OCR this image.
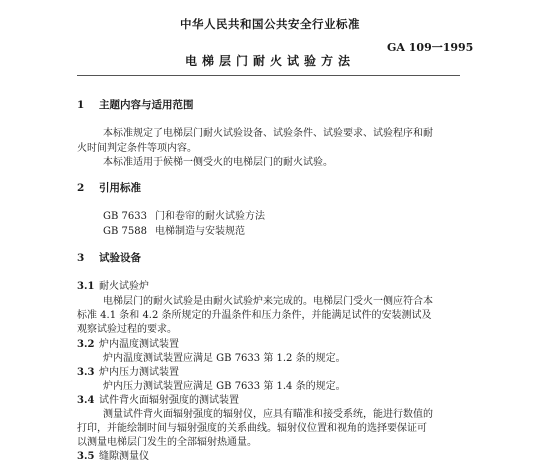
中华人民共和国公共安全行业标准
GA 109一1995
电梯层门耐火试验方法
1 主题内容与适用范围
本标准规定了电梯层门耐火试验设备、试验条件、试验要求、试验程序和耐
火时间判定条件等项内容。
本标准适用于候梯一侧受火的电梯层门的耐火试验。
2 引用标准
GB 7633 门和卷帘的耐火试验方法
GB 7588 电梯制造与安装规范
3 试验设备
3.1 耐火试验炉
电梯层门的耐火试验是由耐火试验炉来完成的。电梯层门受火一侧应符合本
标准 4.1 条和 4.2 条所规定的升温条件和压力条件，并能满足试件的安装测试及
观察试验过程的要求。
3.2 炉内温度测试装置
炉内温度测试装置应满足 GB 7633 第 1.2 条的规定。
3.3 炉内压力测试装置
炉内压力测试装置应满足 GB 7633 第 1.4 条的规定。
3.4 试件背火面辐射强度的测试装置
测量试件背火面辐射强度的辐射仪，应具有瞄准和接受系统，能进行数值的
打印，并能绘制时间与辐射强度的关系曲线。辐射仪位置和视角的选择要保证可
以测量电梯层门发生的全部辐射热通量。
3.5 缝隙测量仪
